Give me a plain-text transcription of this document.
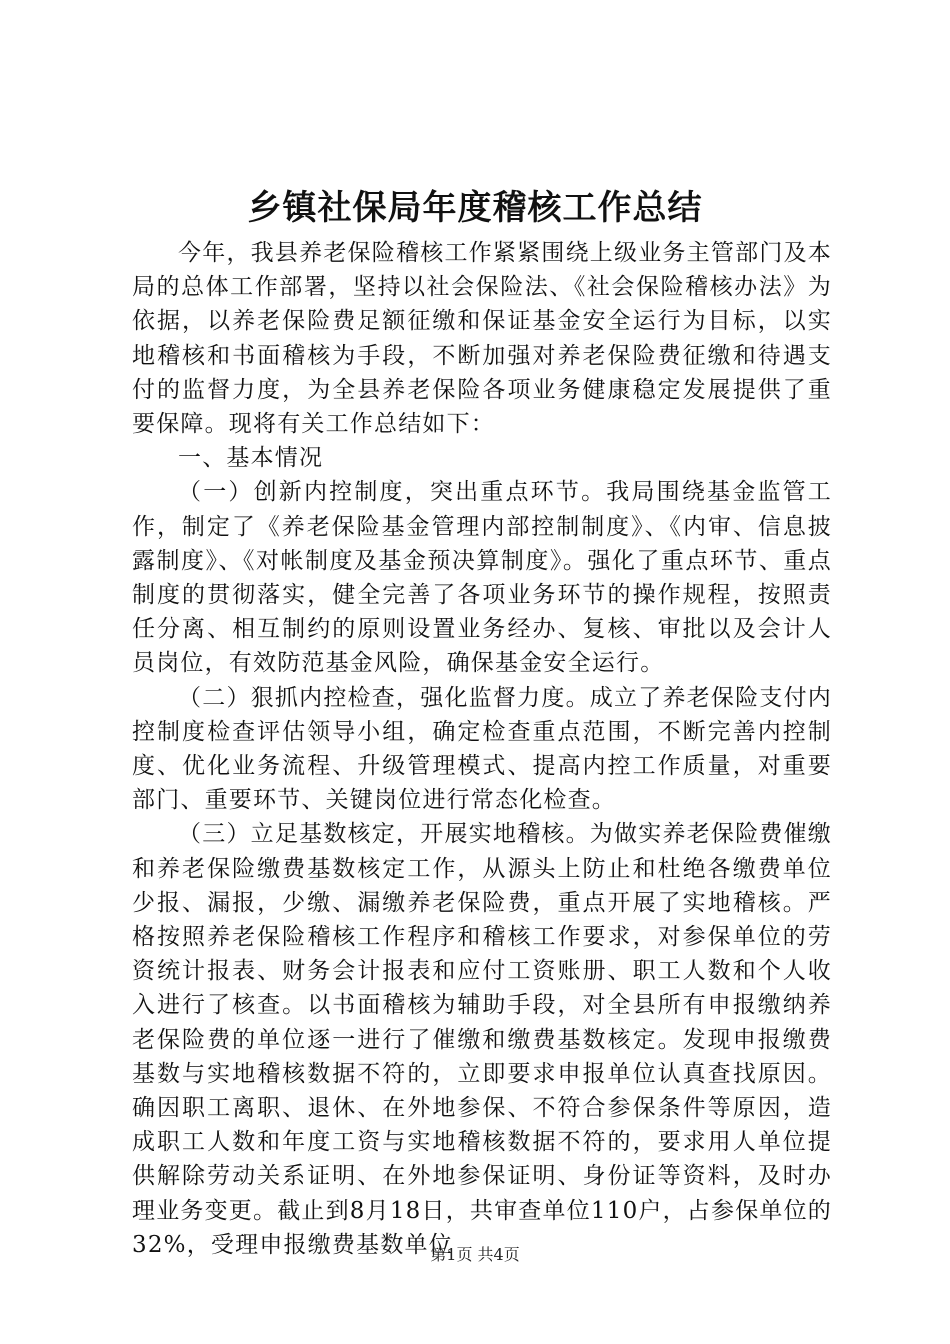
乡镇社保局年度稽核工作总结

今年，我县养老保险稽核工作紧紧围绕上级业务主管部门及本局的总体工作部署，坚持以社会保险法、《社会保险稽核办法》为依据，以养老保险费足额征缴和保证基金安全运行为目标，以实地稽核和书面稽核为手段，不断加强对养老保险费征缴和待遇支付的监督力度，为全县养老保险各项业务健康稳定发展提供了重要保障。现将有关工作总结如下：

一、基本情况

（一）创新内控制度，突出重点环节。我局围绕基金监管工作，制定了《养老保险基金管理内部控制制度》、《内审、信息披露制度》、《对帐制度及基金预决算制度》。强化了重点环节、重点制度的贯彻落实，健全完善了各项业务环节的操作规程，按照责任分离、相互制约的原则设置业务经办、复核、审批以及会计人员岗位，有效防范基金风险，确保基金安全运行。

（二）狠抓内控检查，强化监督力度。成立了养老保险支付内控制度检查评估领导小组，确定检查重点范围，不断完善内控制度、优化业务流程、升级管理模式、提高内控工作质量，对重要部门、重要环节、关键岗位进行常态化检查。

（三）立足基数核定，开展实地稽核。为做实养老保险费催缴和养老保险缴费基数核定工作，从源头上防止和杜绝各缴费单位少报、漏报，少缴、漏缴养老保险费，重点开展了实地稽核。严格按照养老保险稽核工作程序和稽核工作要求，对参保单位的劳资统计报表、财务会计报表和应付工资账册、职工人数和个人收入进行了核查。以书面稽核为辅助手段，对全县所有申报缴纳养老保险费的单位逐一进行了催缴和缴费基数核定。发现申报缴费基数与实地稽核数据不符的，立即要求申报单位认真查找原因。确因职工离职、退休、在外地参保、不符合参保条件等原因，造成职工人数和年度工资与实地稽核数据不符的，要求用人单位提供解除劳动关系证明、在外地参保证明、身份证等资料，及时办理业务变更。截止到8月18日，共审查单位110户，占参保单位的32%，受理申报缴费基数单位

第1页 共4页
